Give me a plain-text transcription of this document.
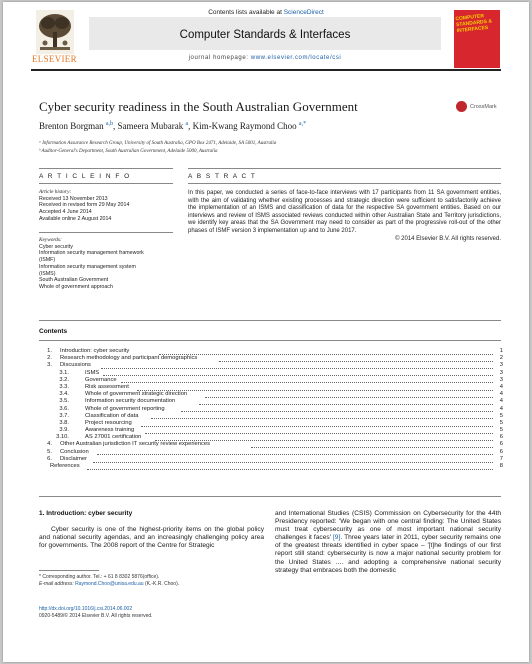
ELSEVIER
Contents lists available at ScienceDirect
Computer Standards & Interfaces
journal homepage: www.elsevier.com/locate/csi
COMPUTER STANDARDS & INTERFACES
Cyber security readiness in the South Australian Government	CrossMark
Brenton Borgman $^{a,b}$, Sameera Mubarak $^a$, Kim-Kwang Raymond Choo $^{a,*}$
ᵃ Information Assurance Research Group, University of South Australia, GPO Box 2471, Adelaide, SA 5001, Australia
ᵇ Auditor-General's Department, South Australian Government, Adelaide 5000, Australia
A R T I C L E I N F O	A B S T R A C T
Article history:
Received 13 November 2013
Received in revised form 29 May 2014
Accepted 4 June 2014
Available online 2 August 2014
Keywords:
Cyber security
Information security management framework
(ISMF)
Information security management system
(ISMS)
South Australian Government
Whole of government approach
In this paper, we conducted a series of face-to-face interviews with 17 participants from 11 SA government entities, with the aim of validating whether existing processes and strategic direction were sufficient to satisfactorily achieve the implementation of an ISMS and classification of data for the respective SA government entities. Based on our interviews and review of ISMS associated reviews conducted within other Australian State and Territory jurisdictions, we identify key areas that the SA Government may need to consider as part of the progressive roll-out of the other phases of ISMF version 3 implementation up and to June 2017.
© 2014 Elsevier B.V. All rights reserved.
Contents
1. Introduction: cyber security	1
2. Research methodology and participant demographics	2
3. Discussions	3
3.1.	ISMS	3
3.2.	Governance	3
3.3.	Risk assessment	4
3.4.	Whole of government strategic direction	4
3.5.	Information security documentation	4
3.6.	Whole of government reporting	4
3.7.	Classification of data	5
3.8.	Project resourcing	5
3.9.	Awareness training	5
3.10.	AS 27001 certification	6
4. Other Australian jurisdiction IT security review experiences	6
5. Conclusion	6
6. Disclaimer	7
References	8
1. Introduction: cyber security
Cyber security is one of the highest-priority items on the global policy and national security agendas, and an increasingly challenging policy area for governments. The 2008 report of the Centre for Strategic
and International Studies (CSIS) Commission on Cybersecurity for the 44th Presidency reported: 'We began with one central finding: The United States must treat cybersecurity as one of most important national security challenges it faces' [9]. Three years later in 2011, cyber security remains one of the greatest threats identified in cyber space – '[t]he findings of our first report still stand: cybersecurity is now a major national security problem for the United States …. and adopting a comprehensive national security strategy that embraces both the domestic
* Corresponding author. Tel.: + 61 8 8302 5876(office).
E-mail address: Raymond.Choo@unisa.edu.au (K.-K.R. Choo).
http://dx.doi.org/10.1016/j.csi.2014.06.002
0920-5489/© 2014 Elsevier B.V. All rights reserved.
